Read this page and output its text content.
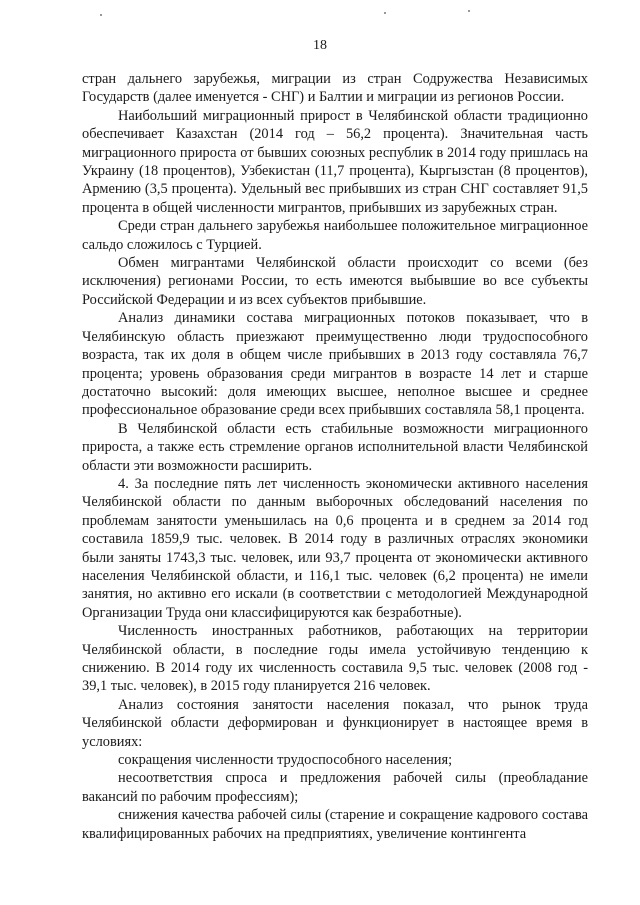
18

стран дальнего зарубежья, миграции из стран Содружества Независимых Государств (далее именуется - СНГ) и Балтии и миграции из регионов России.

Наибольший миграционный прирост в Челябинской области традиционно обеспечивает Казахстан (2014 год – 56,2 процента). Значительная часть миграционного прироста от бывших союзных республик в 2014 году пришлась на Украину (18 процентов), Узбекистан (11,7 процента), Кыргызстан (8 процентов), Армению (3,5 процента). Удельный вес прибывших из стран СНГ составляет 91,5 процента в общей численности мигрантов, прибывших из зарубежных стран.

Среди стран дальнего зарубежья наибольшее положительное миграционное сальдо сложилось с Турцией.

Обмен мигрантами Челябинской области происходит со всеми (без исключения) регионами России, то есть имеются выбывшие во все субъекты Российской Федерации и из всех субъектов прибывшие.

Анализ динамики состава миграционных потоков показывает, что в Челябинскую область приезжают преимущественно люди трудоспособного возраста, так их доля в общем числе прибывших в 2013 году составляла 76,7 процента; уровень образования среди мигрантов в возрасте 14 лет и старше достаточно высокий: доля имеющих высшее, неполное высшее и среднее профессиональное образование среди всех прибывших составляла 58,1 процента.

В Челябинской области есть стабильные возможности миграционного прироста, а также есть стремление органов исполнительной власти Челябинской области эти возможности расширить.

4. За последние пять лет численность экономически активного населения Челябинской области по данным выборочных обследований населения по проблемам занятости уменьшилась на 0,6 процента и в среднем за 2014 год составила 1859,9 тыс. человек. В 2014 году в различных отраслях экономики были заняты 1743,3 тыс. человек, или 93,7 процента от экономически активного населения Челябинской области, и 116,1 тыс. человек (6,2 процента) не имели занятия, но активно его искали (в соответствии с методологией Международной Организации Труда они классифицируются как безработные).

Численность иностранных работников, работающих на территории Челябинской области, в последние годы имела устойчивую тенденцию к снижению. В 2014 году их численность составила 9,5 тыс. человек (2008 год - 39,1 тыс. человек), в 2015 году планируется 216 человек.

Анализ состояния занятости населения показал, что рынок труда Челябинской области деформирован и функционирует в настоящее время в условиях:

сокращения численности трудоспособного населения;

несоответствия спроса и предложения рабочей силы (преобладание вакансий по рабочим профессиям);

снижения качества рабочей силы (старение и сокращение кадрового состава квалифицированных рабочих на предприятиях, увеличение контингента
